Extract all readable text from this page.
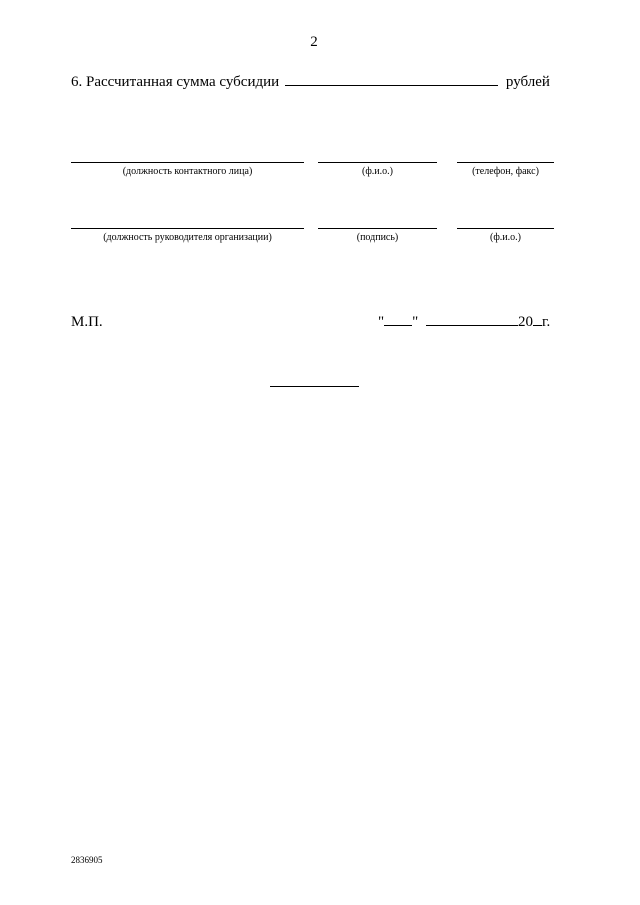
2
6. Рассчитанная сумма субсидии	рублей
(должность контактного лица)	(ф.и.о.)	(телефон, факс)
(должность руководителя организации)	(подпись)	(ф.и.о.)
М.П.	" "	20 г.
2836905
